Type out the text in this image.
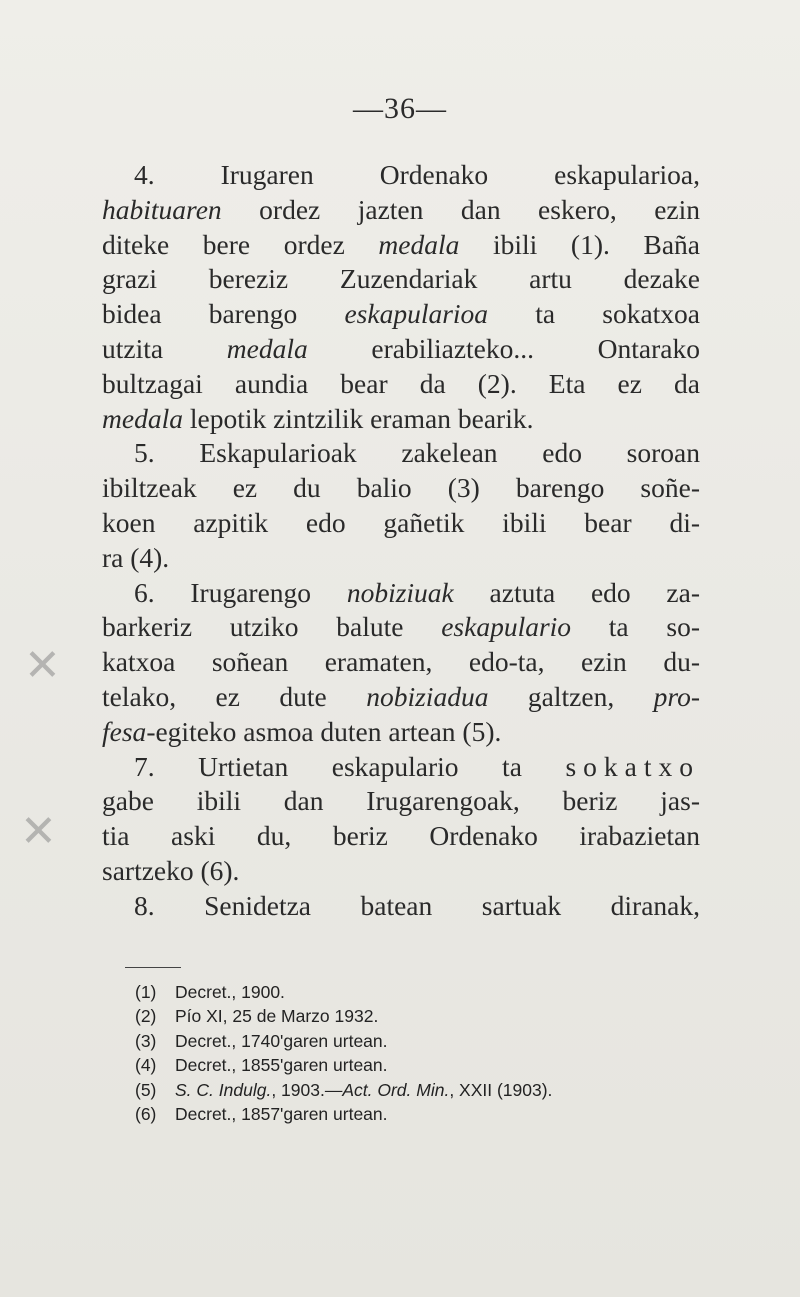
—36—
4. Irugaren Ordenako eskapularioa,
habituaren ordez jazten dan eskero, ezin
diteke bere ordez medala ibili (1). Baña
grazi bereziz Zuzendariak artu dezake
bidea barengo eskapularioa ta sokatxoa
utzita medala erabiliazteko... Ontarako
bultzagai aundia bear da (2). Eta ez da
medala lepotik zintzilik eraman bearik.
5. Eskapularioak zakelean edo soroan
ibiltzeak ez du balio (3) barengo soñe-
koen azpitik edo gañetik ibili bear di-
ra (4).
6. Irugarengo nobiziuak aztuta edo za-
barkeriz utziko balute eskapulario ta so-
katxoa soñean eramaten, edo-ta, ezin du-
telako, ez dute nobiziadua galtzen, pro-
fesa-egiteko asmoa duten artean (5).
7. Urtietan eskapulario ta sokatxo
gabe ibili dan Irugarengoak, beriz jas-
tia aski du, beriz Ordenako irabazietan
sartzeko (6).
8. Senidetza batean sartuak diranak,
(1) Decret., 1900.
(2) Pío XI, 25 de Marzo 1932.
(3) Decret., 1740'garen urtean.
(4) Decret., 1855'garen urtean.
(5) S. C. Indulg., 1903.—Act. Ord. Min., XXII (1903).
(6) Decret., 1857'garen urtean.
✕
✕
